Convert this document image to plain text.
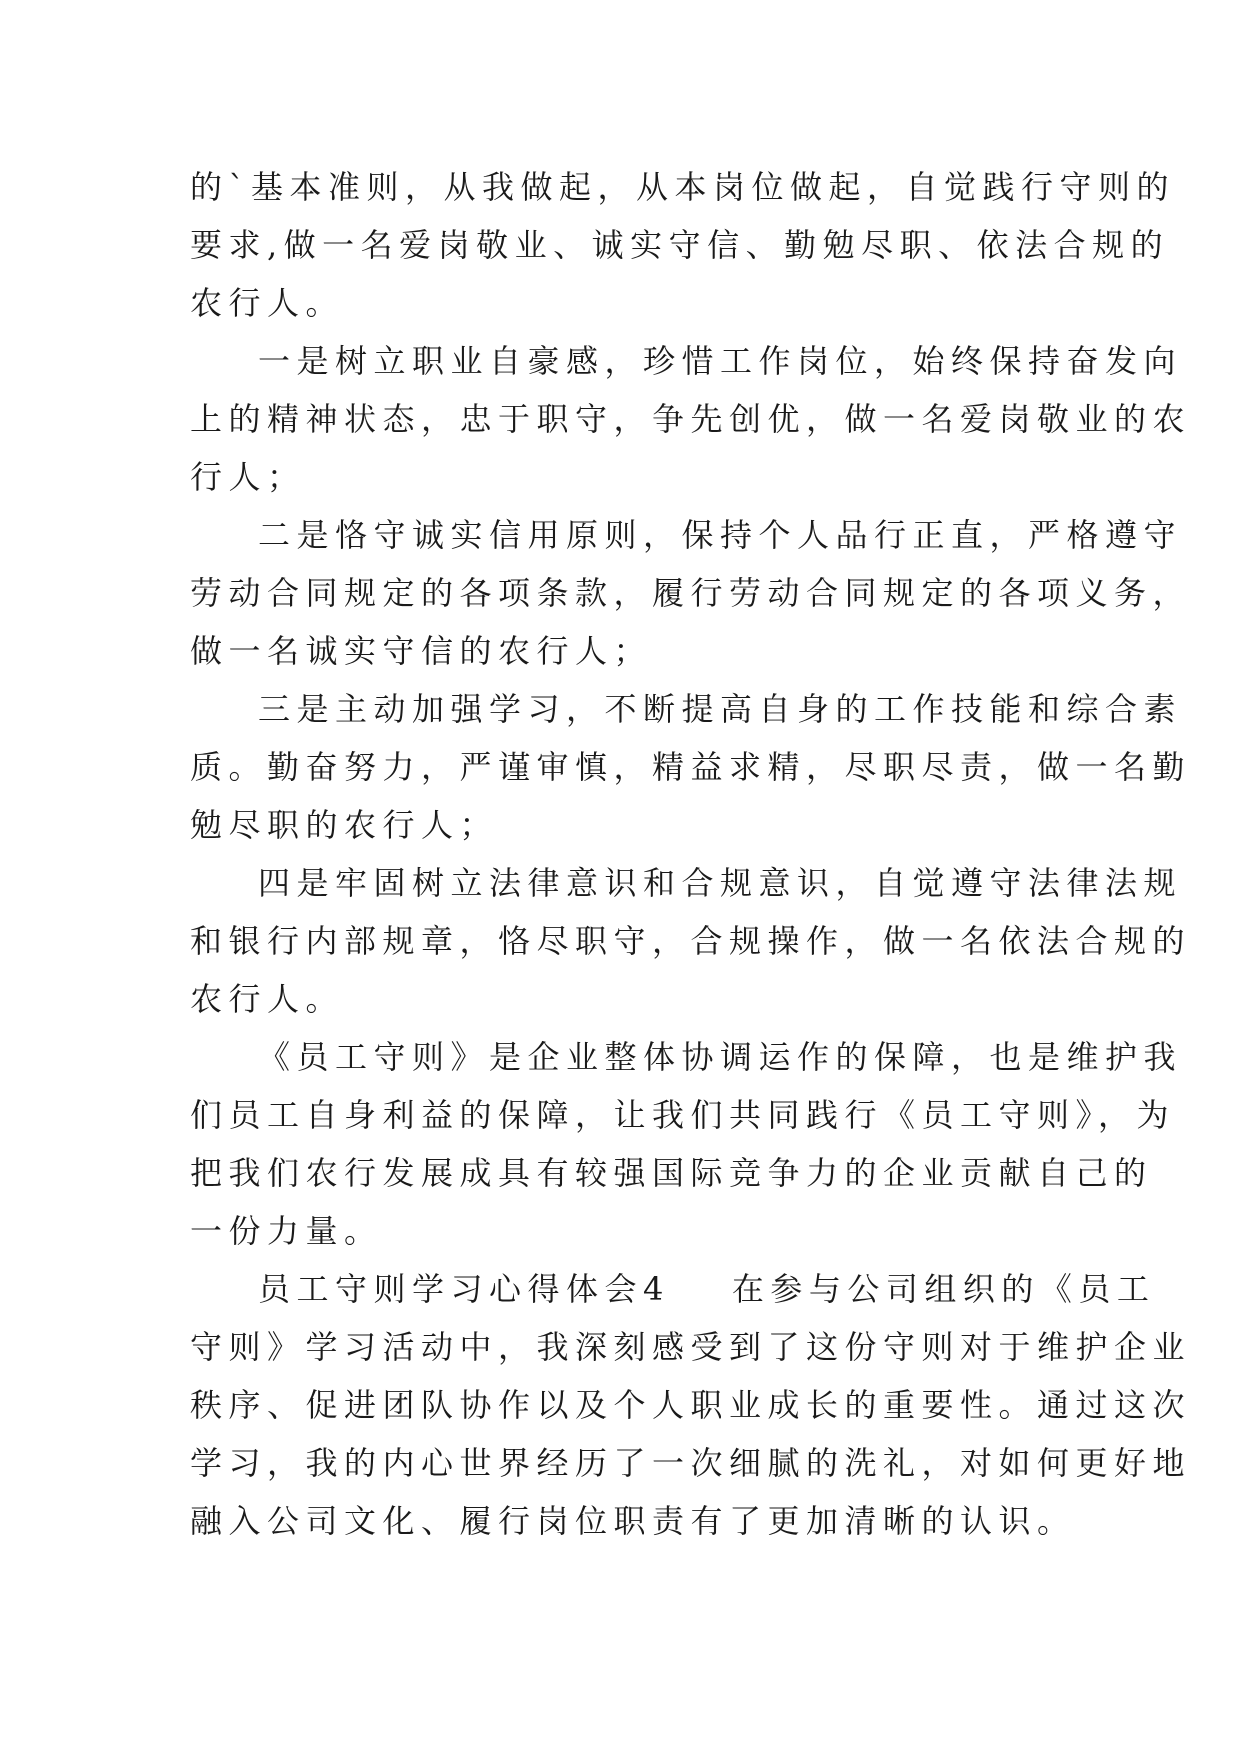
的`基本准则，从我做起，从本岗位做起，自觉践行守则的
要求,做一名爱岗敬业、诚实守信、勤勉尽职、依法合规的
农行人。
一是树立职业自豪感，珍惜工作岗位，始终保持奋发向
上的精神状态，忠于职守，争先创优，做一名爱岗敬业的农
行人；
二是恪守诚实信用原则，保持个人品行正直，严格遵守
劳动合同规定的各项条款，履行劳动合同规定的各项义务，
做一名诚实守信的农行人；
三是主动加强学习，不断提高自身的工作技能和综合素
质。勤奋努力，严谨审慎，精益求精，尽职尽责，做一名勤
勉尽职的农行人；
四是牢固树立法律意识和合规意识，自觉遵守法律法规
和银行内部规章，恪尽职守，合规操作，做一名依法合规的
农行人。
《员工守则》是企业整体协调运作的保障，也是维护我
们员工自身利益的保障，让我们共同践行《员工守则》，为
把我们农行发展成具有较强国际竞争力的企业贡献自己的
一份力量。
员工守则学习心得体会4 在参与公司组织的《员工
守则》学习活动中，我深刻感受到了这份守则对于维护企业
秩序、促进团队协作以及个人职业成长的重要性。通过这次
学习，我的内心世界经历了一次细腻的洗礼，对如何更好地
融入公司文化、履行岗位职责有了更加清晰的认识。
